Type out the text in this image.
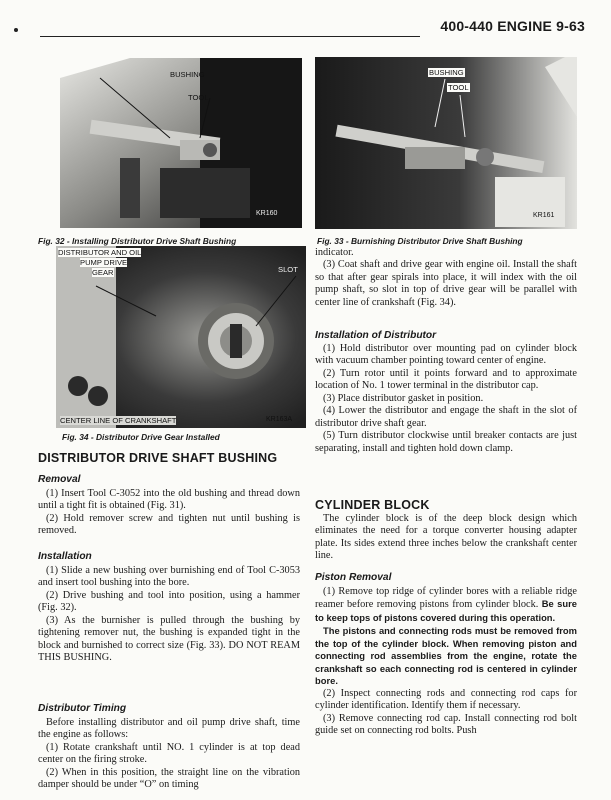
400-440 ENGINE 9-63
BUSHING
TOOL
KR160
Fig. 32 - Installing Distributor Drive Shaft Bushing
DISTRIBUTOR AND OIL
PUMP DRIVE
GEAR	SLOT
CENTER LINE OF CRANKSHAFT	KR163A
Fig. 34 - Distributor Drive Gear Installed
DISTRIBUTOR DRIVE SHAFT BUSHING
Removal

(1) Insert Tool C-3052 into the old bushing and thread down until a tight fit is obtained (Fig. 31).

(2) Hold remover screw and tighten nut until bushing is removed.

Installation

(1) Slide a new bushing over burnishing end of Tool C-3053 and insert tool bushing into the bore.

(2) Drive bushing and tool into position, using a hammer (Fig. 32).

(3) As the burnisher is pulled through the bushing by tightening remover nut, the bushing is expanded tight in the block and burnished to correct size (Fig. 33). DO NOT REAM THIS BUSHING.

Distributor Timing

Before installing distributor and oil pump drive shaft, time the engine as follows:

(1) Rotate crankshaft until NO. 1 cylinder is at top dead center on the firing stroke.

(2) When in this position, the straight line on the vibration damper should be under “O” on timing

BUSHING
TOOL
KR161
Fig. 33 - Burnishing Distributor Drive Shaft Bushing

indicator.

(3) Coat shaft and drive gear with engine oil. Install the shaft so that after gear spirals into place, it will index with the oil pump shaft, so slot in top of drive gear will be parallel with center line of crankshaft (Fig. 34).

Installation of Distributor

(1) Hold distributor over mounting pad on cylinder block with vacuum chamber pointing toward center of engine.

(2) Turn rotor until it points forward and to approximate location of No. 1 tower terminal in the distributor cap.

(3) Place distributor gasket in position.

(4) Lower the distributor and engage the shaft in the slot of distributor drive shaft gear.

(5) Turn distributor clockwise until breaker contacts are just separating, install and tighten hold down clamp.

CYLINDER BLOCK

The cylinder block is of the deep block design which eliminates the need for a torque converter housing adapter plate. Its sides extend three inches below the crankshaft center line.

Piston Removal

(1) Remove top ridge of cylinder bores with a reliable ridge reamer before removing pistons from cylinder block. Be sure to keep tops of pistons covered during this operation.

The pistons and connecting rods must be removed from the top of the cylinder block. When removing piston and connecting rod assemblies from the engine, rotate the crankshaft so each connecting rod is centered in cylinder bore.

(2) Inspect connecting rods and connecting rod caps for cylinder identification. Identify them if necessary.

(3) Remove connecting rod cap. Install connecting rod bolt guide set on connecting rod bolts. Push
